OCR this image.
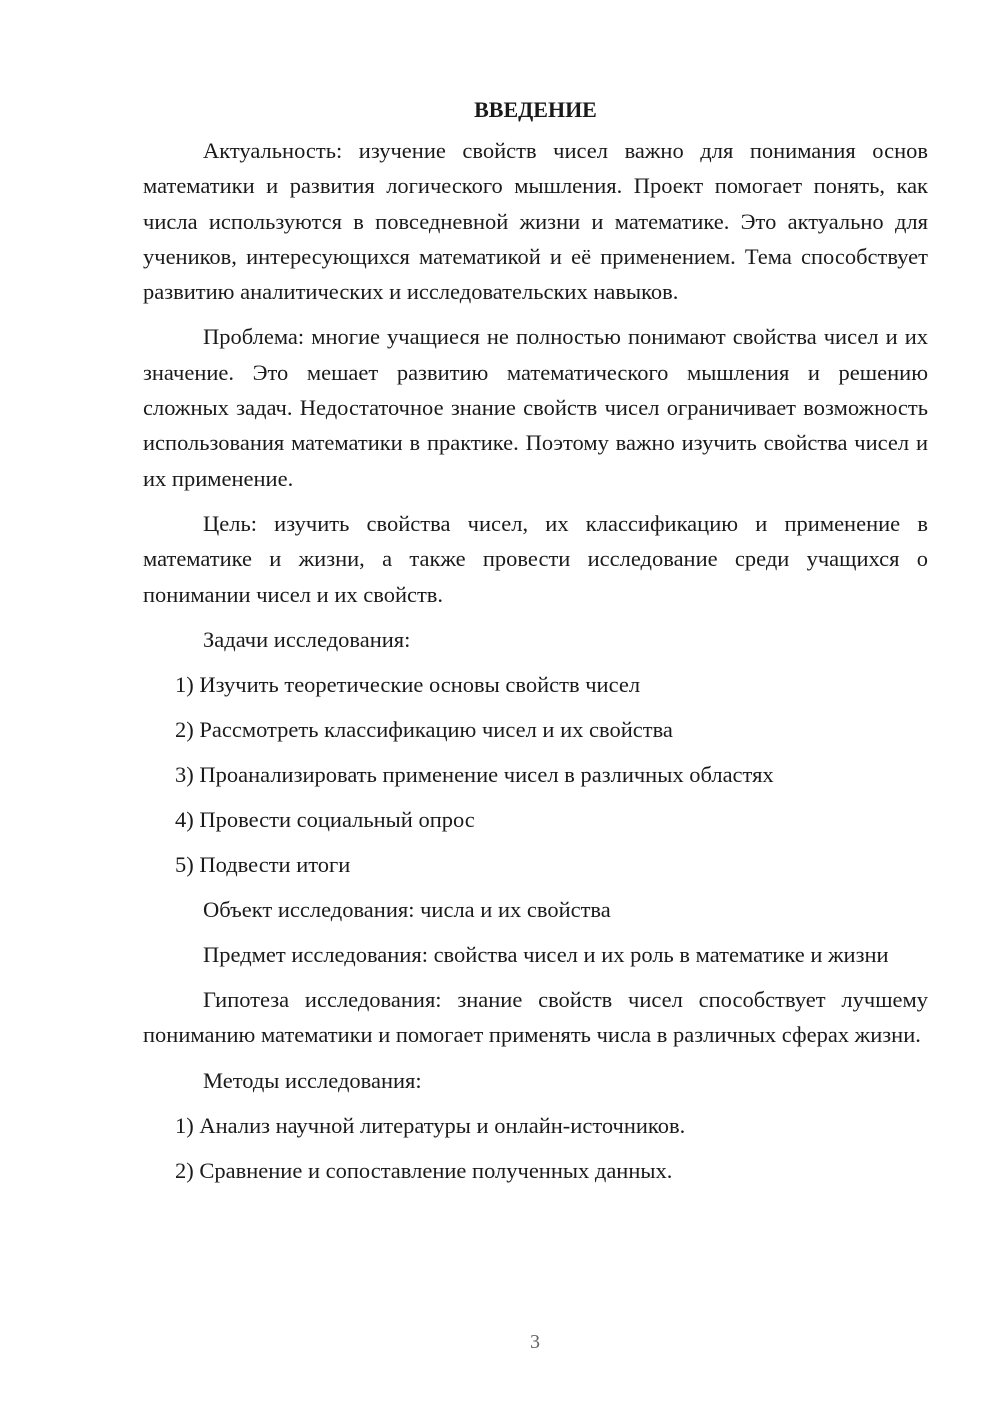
ВВЕДЕНИЕ

Актуальность: изучение свойств чисел важно для понимания основ математики и развития логического мышления. Проект помогает понять, как числа используются в повседневной жизни и математике. Это актуально для учеников, интересующихся математикой и её применением. Тема способствует развитию аналитических и исследовательских навыков.

Проблема: многие учащиеся не полностью понимают свойства чисел и их значение. Это мешает развитию математического мышления и решению сложных задач. Недостаточное знание свойств чисел ограничивает возможность использования математики в практике. Поэтому важно изучить свойства чисел и их применение.

Цель: изучить свойства чисел, их классификацию и применение в математике и жизни, а также провести исследование среди учащихся о понимании чисел и их свойств.

Задачи исследования:
1) Изучить теоретические основы свойств чисел
2) Рассмотреть классификацию чисел и их свойства
3) Проанализировать применение чисел в различных областях
4) Провести социальный опрос
5) Подвести итоги
Объект исследования: числа и их свойства

Предмет исследования: свойства чисел и их роль в математике и жизни

Гипотеза исследования: знание свойств чисел способствует лучшему пониманию математики и помогает применять числа в различных сферах жизни.

Методы исследования:
1) Анализ научной литературы и онлайн-источников.
2) Сравнение и сопоставление полученных данных.
3
